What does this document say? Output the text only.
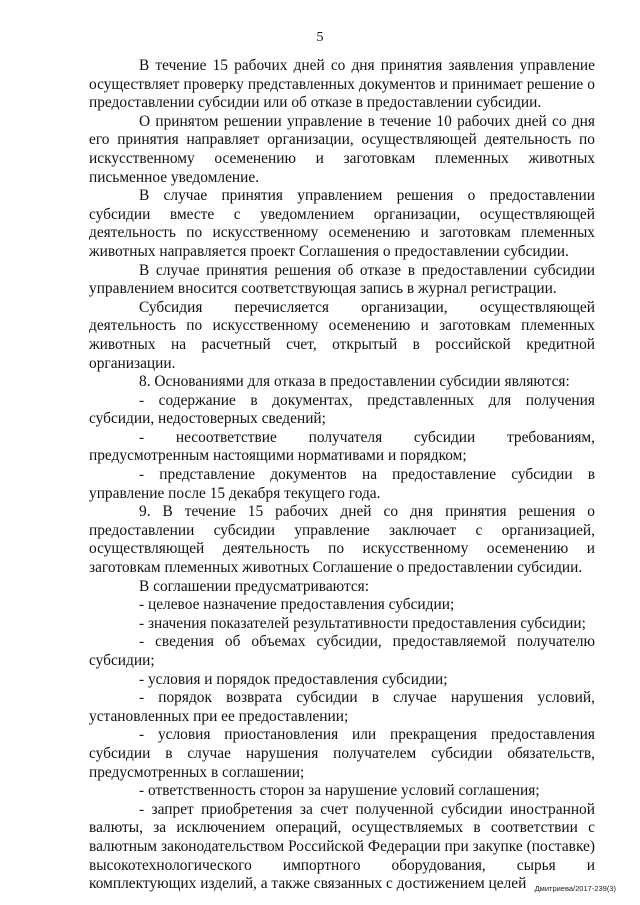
5

В течение 15 рабочих дней со дня принятия заявления управление осуществляет проверку представленных документов и принимает решение о предоставлении субсидии или об отказе в предоставлении субсидии.

О принятом решении управление в течение 10 рабочих дней со дня его принятия направляет организации, осуществляющей деятельность по искусственному осеменению и заготовкам племенных животных письменное уведомление.

В случае принятия управлением решения о предоставлении субсидии вместе с уведомлением организации, осуществляющей деятельность по искусственному осеменению и заготовкам племенных животных направляется проект Соглашения о предоставлении субсидии.

В случае принятия решения об отказе в предоставлении субсидии управлением вносится соответствующая запись в журнал регистрации.

Субсидия перечисляется организации, осуществляющей деятельность по искусственному осеменению и заготовкам племенных животных на расчетный счет, открытый в российской кредитной организации.

8. Основаниями для отказа в предоставлении субсидии являются:

- содержание в документах, представленных для получения субсидии, недостоверных сведений;

- несоответствие получателя субсидии требованиям, предусмотренным настоящими нормативами и порядком;

- представление документов на предоставление субсидии в управление после 15 декабря текущего года.

9. В течение 15 рабочих дней со дня принятия решения о предоставлении субсидии управление заключает с организацией, осуществляющей деятельность по искусственному осеменению и заготовкам племенных животных Соглашение о предоставлении субсидии.

В соглашении предусматриваются:

- целевое назначение предоставления субсидии;

- значения показателей результативности предоставления субсидии;

- сведения об объемах субсидии, предоставляемой получателю субсидии;

- условия и порядок предоставления субсидии;

- порядок возврата субсидии в случае нарушения условий, установленных при ее предоставлении;

- условия приостановления или прекращения предоставления субсидии в случае нарушения получателем субсидии обязательств, предусмотренных в соглашении;

- ответственность сторон за нарушение условий соглашения;

- запрет приобретения за счет полученной субсидии иностранной валюты, за исключением операций, осуществляемых в соответствии с валютным законодательством Российской Федерации при закупке (поставке) высокотехнологического импортного оборудования, сырья и комплектующих изделий, а также связанных с достижением целей	Дмитриева/2017-239(3)
